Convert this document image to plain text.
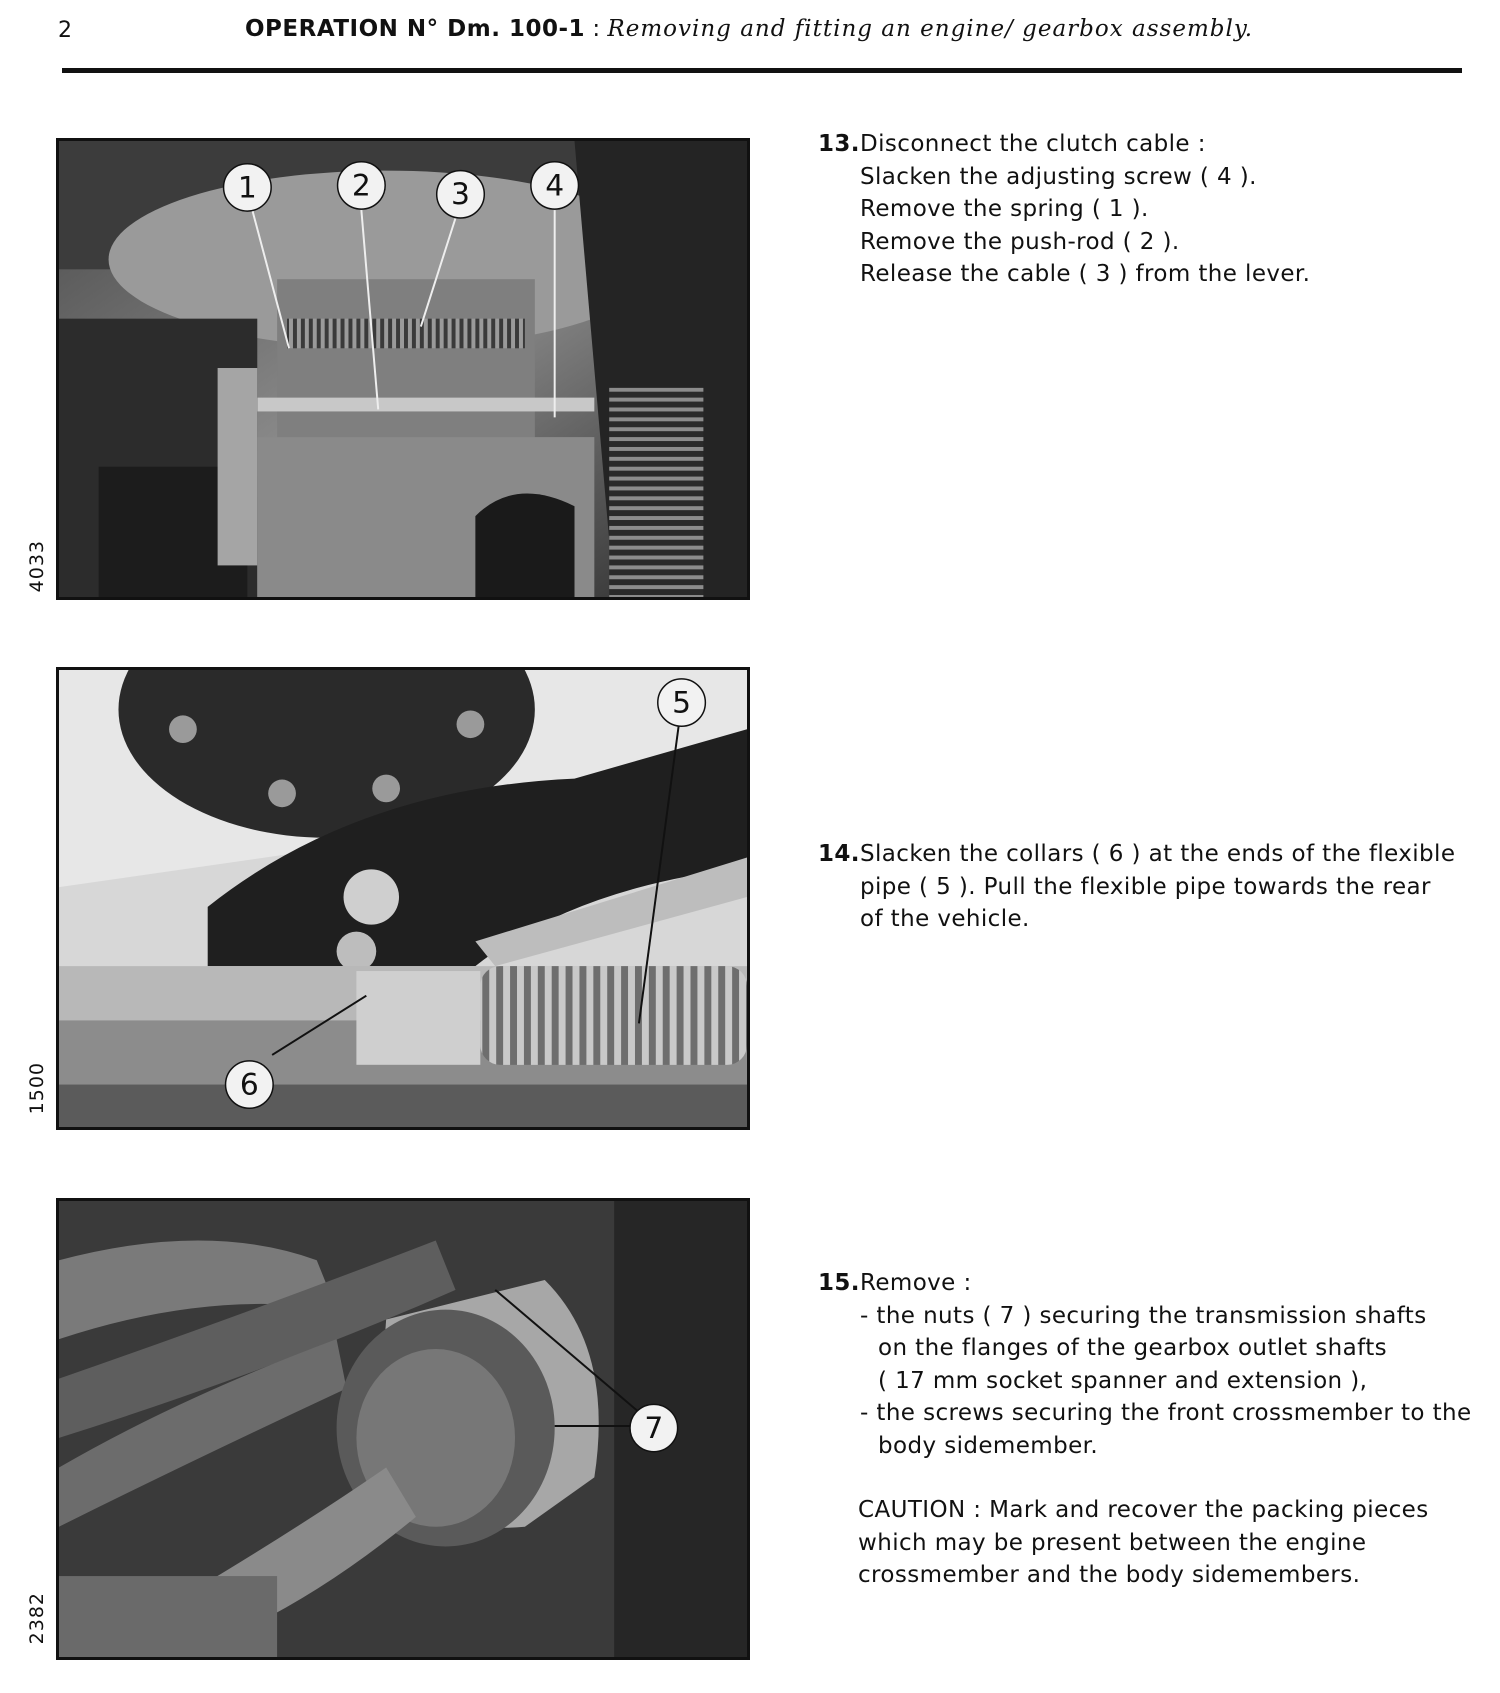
2	OPERATION N° Dm. 100-1 : Removing and fitting an engine/ gearbox assembly.
4033
1	2	3	4
1500
5
6
2382
7
13.Disconnect the clutch cable :
Slacken the adjusting screw ( 4 ).
Remove the spring ( 1 ).
Remove the push-rod ( 2 ).
Release the cable ( 3 ) from the lever.
14.Slacken the collars ( 6 ) at the ends of the flexible
pipe ( 5 ). Pull the flexible pipe towards the rear
of the vehicle.
15.Remove :
- the nuts ( 7 ) securing the transmission shafts
on the flanges of the gearbox outlet shafts
( 17 mm socket spanner and extension ),
- the screws securing the front crossmember to the
body sidemember.
CAUTION : Mark and recover the packing pieces
which may be present between the engine
crossmember and the body sidemembers.
